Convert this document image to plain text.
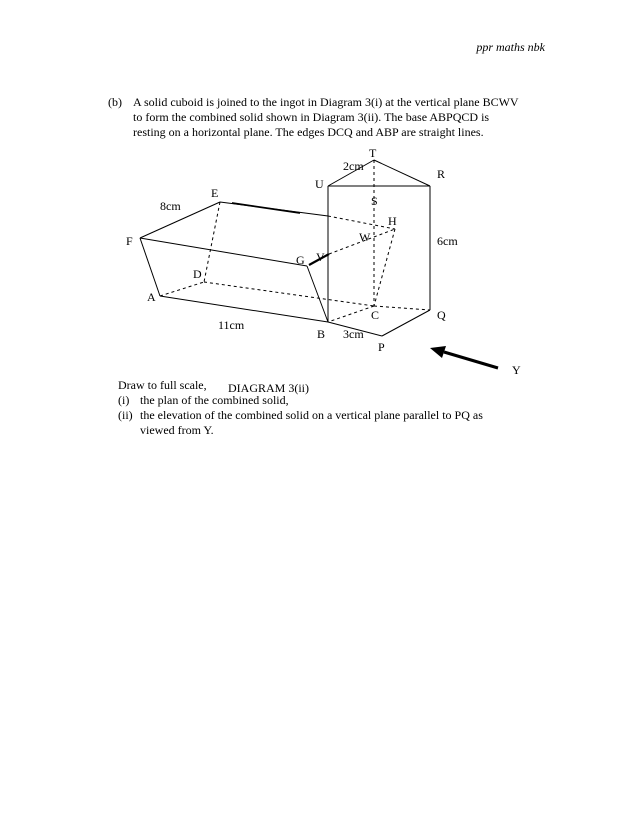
ppr maths nbk
(b) A solid cuboid is joined to the ingot in Diagram 3(i) at the vertical plane BCWV
to form the combined solid shown in Diagram 3(ii). The base ABPQCD is
resting on a horizontal plane. The edges DCQ and ABP are straight lines.
T
U
R
S
H
W
E
F
G V
D
A
C	Q
B
P
Y
2cm
8cm
6cm
11cm
3cm
Draw to full scale,
(i) the plan of the combined solid,
(ii) the elevation of the combined solid on a vertical plane parallel to PQ as
viewed from Y.
DIAGRAM 3(ii)
